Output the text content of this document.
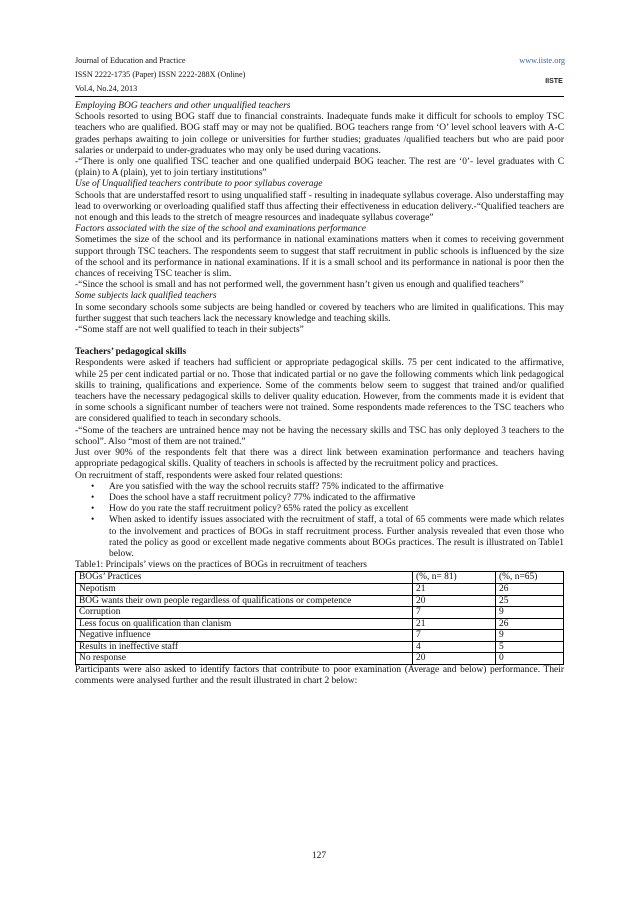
Journal of Education and Practice
ISSN 2222-1735 (Paper) ISSN 2222-288X (Online)
Vol.4, No.24, 2013
www.iiste.org
IISTE

Employing BOG teachers and other unqualified teachers

Schools resorted to using BOG staff due to financial constraints. Inadequate funds make it difficult for schools to employ TSC teachers who are qualified. BOG staff may or may not be qualified. BOG teachers range from ‘O’ level school leavers with A-C grades perhaps awaiting to join college or universities for further studies; graduates /qualified teachers but who are paid poor salaries or underpaid to under-graduates who may only be used during vacations.

-“There is only one qualified TSC teacher and one qualified underpaid BOG teacher. The rest are ‘0’- level graduates with C (plain) to A (plain), yet to join tertiary institutions”

Use of Unqualified teachers contribute to poor syllabus coverage

Schools that are understaffed resort to using unqualified staff - resulting in inadequate syllabus coverage. Also understaffing may lead to overworking or overloading qualified staff thus affecting their effectiveness in education delivery.-“Qualified teachers are not enough and this leads to the stretch of meagre resources and inadequate syllabus coverage”

Factors associated with the size of the school and examinations performance

Sometimes the size of the school and its performance in national examinations matters when it comes to receiving government support through TSC teachers. The respondents seem to suggest that staff recruitment in public schools is influenced by the size of the school and its performance in national examinations. If it is a small school and its performance in national is poor then the chances of receiving TSC teacher is slim.

-“Since the school is small and has not performed well, the government hasn’t given us enough and qualified teachers”

Some subjects lack qualified teachers

In some secondary schools some subjects are being handled or covered by teachers who are limited in qualifications. This may further suggest that such teachers lack the necessary knowledge and teaching skills.

-“Some staff are not well qualified to teach in their subjects”

Teachers’ pedagogical skills

Respondents were asked if teachers had sufficient or appropriate pedagogical skills. 75 per cent indicated to the affirmative, while 25 per cent indicated partial or no. Those that indicated partial or no gave the following comments which link pedagogical skills to training, qualifications and experience. Some of the comments below seem to suggest that trained and/or qualified teachers have the necessary pedagogical skills to deliver quality education. However, from the comments made it is evident that in some schools a significant number of teachers were not trained. Some respondents made references to the TSC teachers who are considered qualified to teach in secondary schools.

-“Some of the teachers are untrained hence may not be having the necessary skills and TSC has only deployed 3 teachers to the school”. Also “most of them are not trained.”

Just over 90% of the respondents felt that there was a direct link between examination performance and teachers having appropriate pedagogical skills. Quality of teachers in schools is affected by the recruitment policy and practices.

On recruitment of staff, respondents were asked four related questions:

• Are you satisfied with the way the school recruits staff? 75% indicated to the affirmative
• Does the school have a staff recruitment policy? 77% indicated to the affirmative
• How do you rate the staff recruitment policy? 65% rated the policy as excellent
• When asked to identify issues associated with the recruitment of staff, a total of 65 comments were made which relates to the involvement and practices of BOGs in staff recruitment process. Further analysis revealed that even those who rated the policy as good or excellent made negative comments about BOGs practices. The result is illustrated on Table1 below.

Table1: Principals’ views on the practices of BOGs in recruitment of teachers

BOGs’ Practices	(%, n= 81)	(%, n=65)
Nepotism	21	26
BOG wants their own people regardless of qualifications or competence	20	25
Corruption	7	9
Less focus on qualification than clanism	21	26
Negative influence	7	9
Results in ineffective staff	4	5
No response	20	0

Participants were also asked to identify factors that contribute to poor examination (Average and below) performance. Their comments were analysed further and the result illustrated in chart 2 below:

127
